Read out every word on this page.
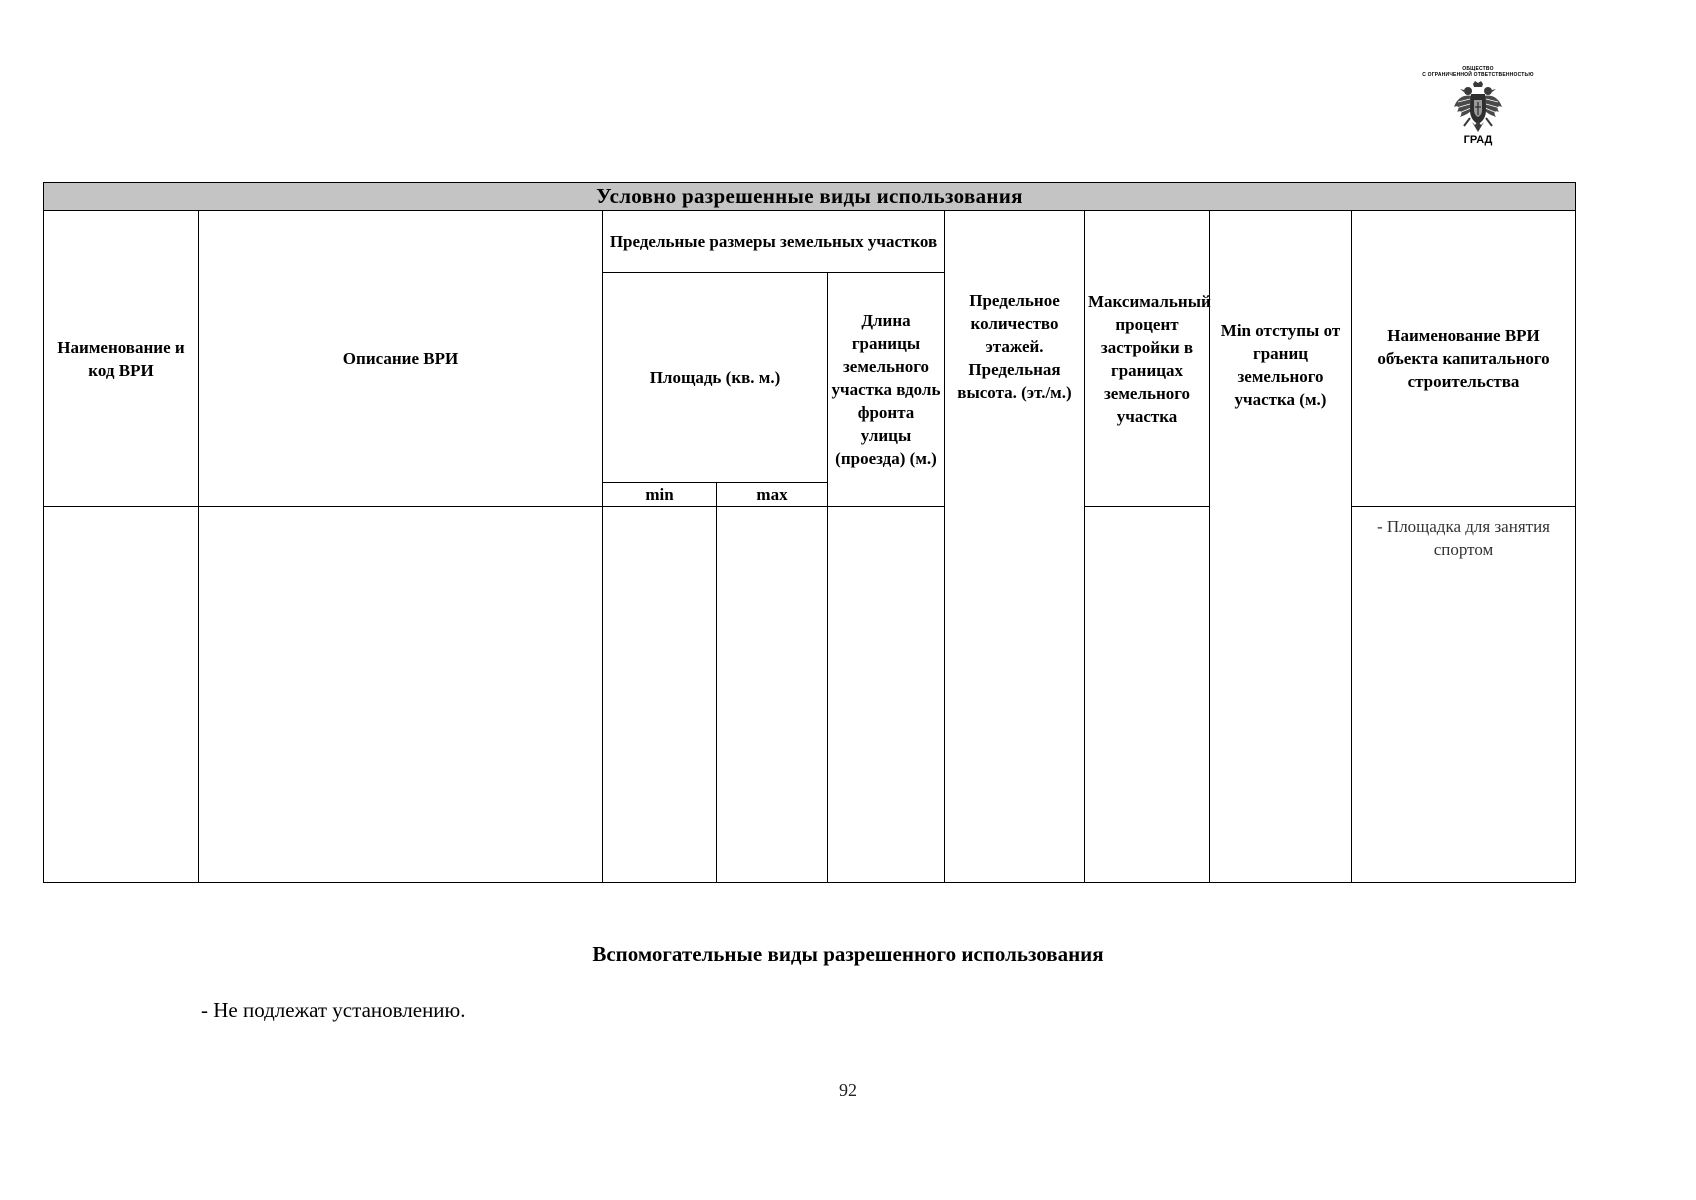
ОБЩЕСТВО
С ОГРАНИЧЕННОЙ ОТВЕТСТВЕННОСТЬЮ
ГРАД
Условно разрешенные виды использования								
Наименование и код ВРИ	Описание ВРИ	Предельные размеры земельных участков			Предельное количество этажей. Предельная высота. (эт./м.)	Максимальный процент застройки в границах земельного участка	Min отступы от границ земельного участка (м.)	Наименование ВРИ объекта капитального строительства
		Площадь (кв. м.)		Длина границы земельного участка вдоль фронта улицы (проезда) (м.)				
		min	max					
								- Площадка для занятия спортом
Вспомогательные виды разрешенного использования
- Не подлежат установлению.
92
